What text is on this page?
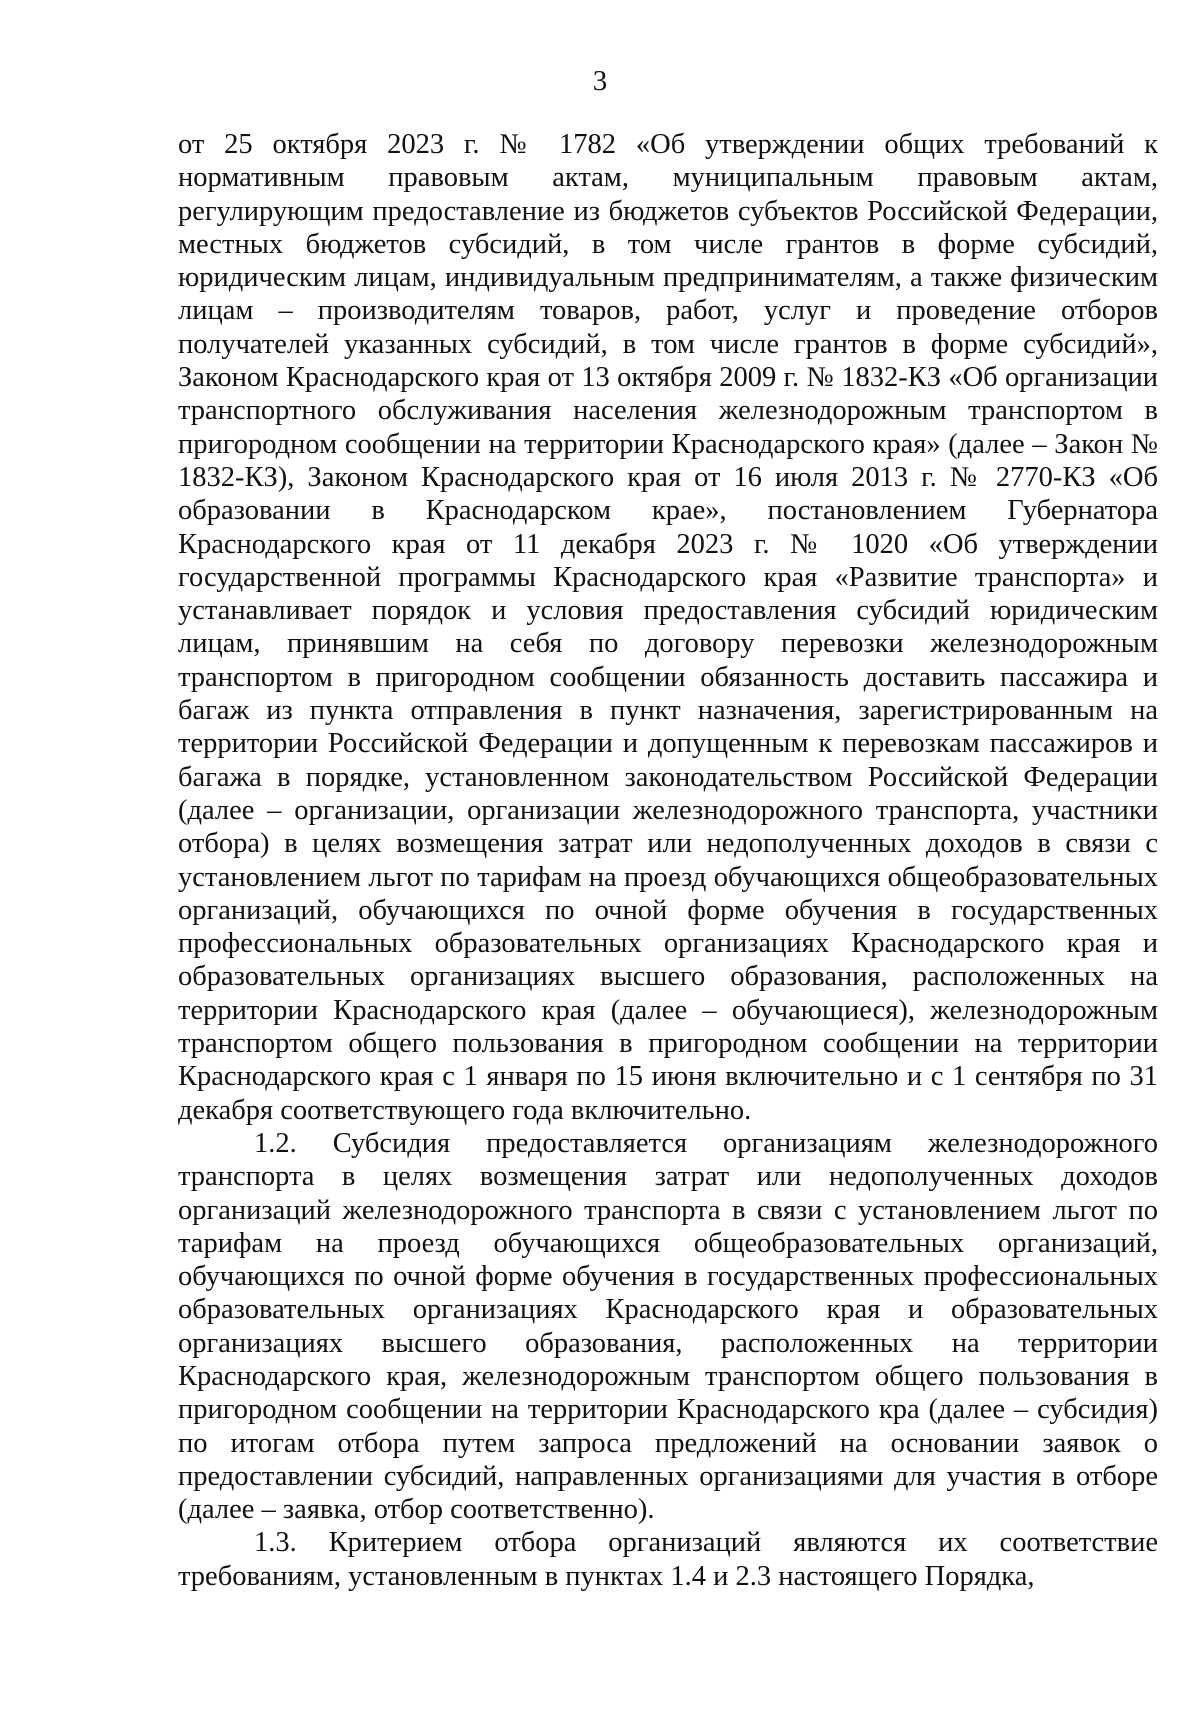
3

от 25 октября 2023 г. № 1782 «Об утверждении общих требований к нормативным правовым актам, муниципальным правовым актам, регулирующим предоставление из бюджетов субъектов Российской Федерации, местных бюджетов субсидий, в том числе грантов в форме субсидий, юридическим лицам, индивидуальным предпринимателям, а также физическим лицам – производителям товаров, работ, услуг и проведение отборов получателей указанных субсидий, в том числе грантов в форме субсидий», Законом Краснодарского края от 13 октября 2009 г. № 1832-КЗ «Об организации транспортного обслуживания населения железнодорожным транспортом в пригородном сообщении на территории Краснодарского края» (далее – Закон № 1832-КЗ), Законом Краснодарского края от 16 июля 2013 г. № 2770-КЗ «Об образовании в Краснодарском крае», постановлением Губернатора Краснодарского края от 11 декабря 2023 г. № 1020 «Об утверждении государственной программы Краснодарского края «Развитие транспорта» и устанавливает порядок и условия предоставления субсидий юридическим лицам, принявшим на себя по договору перевозки железнодорожным транспортом в пригородном сообщении обязанность доставить пассажира и багаж из пункта отправления в пункт назначения, зарегистрированным на территории Российской Федерации и допущенным к перевозкам пассажиров и багажа в порядке, установленном законодательством Российской Федерации (далее – организации, организации железнодорожного транспорта, участники отбора) в целях возмещения затрат или недополученных доходов в связи с установлением льгот по тарифам на проезд обучающихся общеобразовательных организаций, обучающихся по очной форме обучения в государственных профессиональных образовательных организациях Краснодарского края и образовательных организациях высшего образования, расположенных на территории Краснодарского края (далее – обучающиеся), железнодорожным транспортом общего пользования в пригородном сообщении на территории Краснодарского края с 1 января по 15 июня включительно и с 1 сентября по 31 декабря соответствующего года включительно.

1.2. Субсидия предоставляется организациям железнодорожного транспорта в целях возмещения затрат или недополученных доходов организаций железнодорожного транспорта в связи с установлением льгот по тарифам на проезд обучающихся общеобразовательных организаций, обучающихся по очной форме обучения в государственных профессиональных образовательных организациях Краснодарского края и образовательных организациях высшего образования, расположенных на территории Краснодарского края, железнодорожным транспортом общего пользования в пригородном сообщении на территории Краснодарского кра (далее – субсидия) по итогам отбора путем запроса предложений на основании заявок о предоставлении субсидий, направленных организациями для участия в отборе (далее – заявка, отбор соответственно).

1.3. Критерием отбора организаций являются их соответствие требованиям, установленным в пунктах 1.4 и 2.3 настоящего Порядка,
